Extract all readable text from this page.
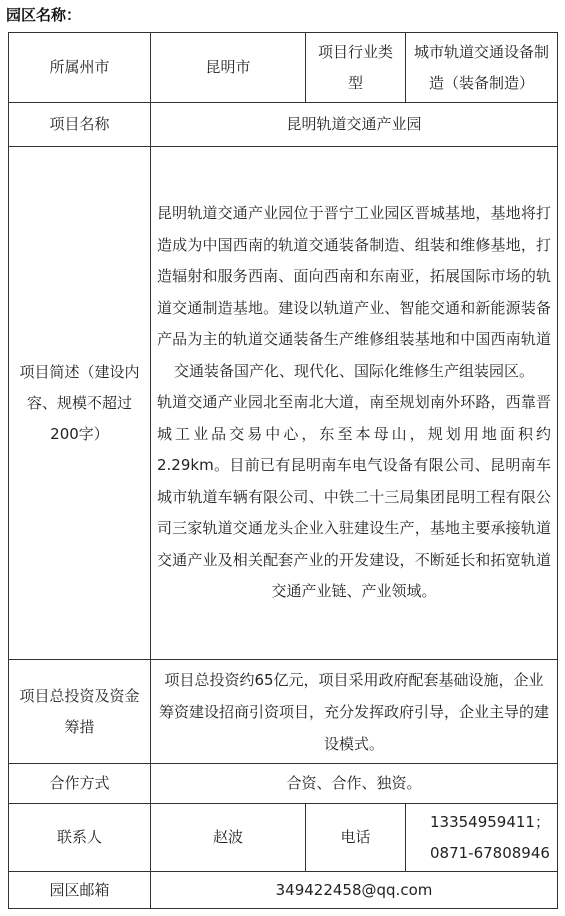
园区名称：
所属州市	昆明市	项目行业类型	城市轨道交通设备制造（装备制造）

项目名称	昆明轨道交通产业园		

项目简述（建设内容、规模不超过200字）	昆明轨道交通产业园位于晋宁工业园区晋城基地，基地将打造成为中国西南的轨道交通装备制造、组装和维修基地，打造辐射和服务西南、面向西南和东南亚，拓展国际市场的轨道交通制造基地。建设以轨道产业、智能交通和新能源装备产品为主的轨道交通装备生产维修组装基地和中国西南轨道交通装备国产化、现代化、国际化维修生产组装园区。

轨道交通产业园北至南北大道，南至规划南外环路，西靠晋城工业品交易中心，东至本母山，规划用地面积约2.29km。目前已有昆明南车电气设备有限公司、昆明南车城市轨道车辆有限公司、中铁二十三局集团昆明工程有限公司三家轨道交通龙头企业入驻建设生产，基地主要承接轨道交通产业及相关配套产业的开发建设，不断延长和拓宽轨道交通产业链、产业领域。		

项目总投资及资金筹措	项目总投资约65亿元，项目采用政府配套基础设施，企业筹资建设招商引资项目，充分发挥政府引导，企业主导的建设模式。		
合作方式	合资、合作、独资。		
联系人	赵波	电话	13354959411；
0871-67808946

园区邮箱	349422458@qq.com		
